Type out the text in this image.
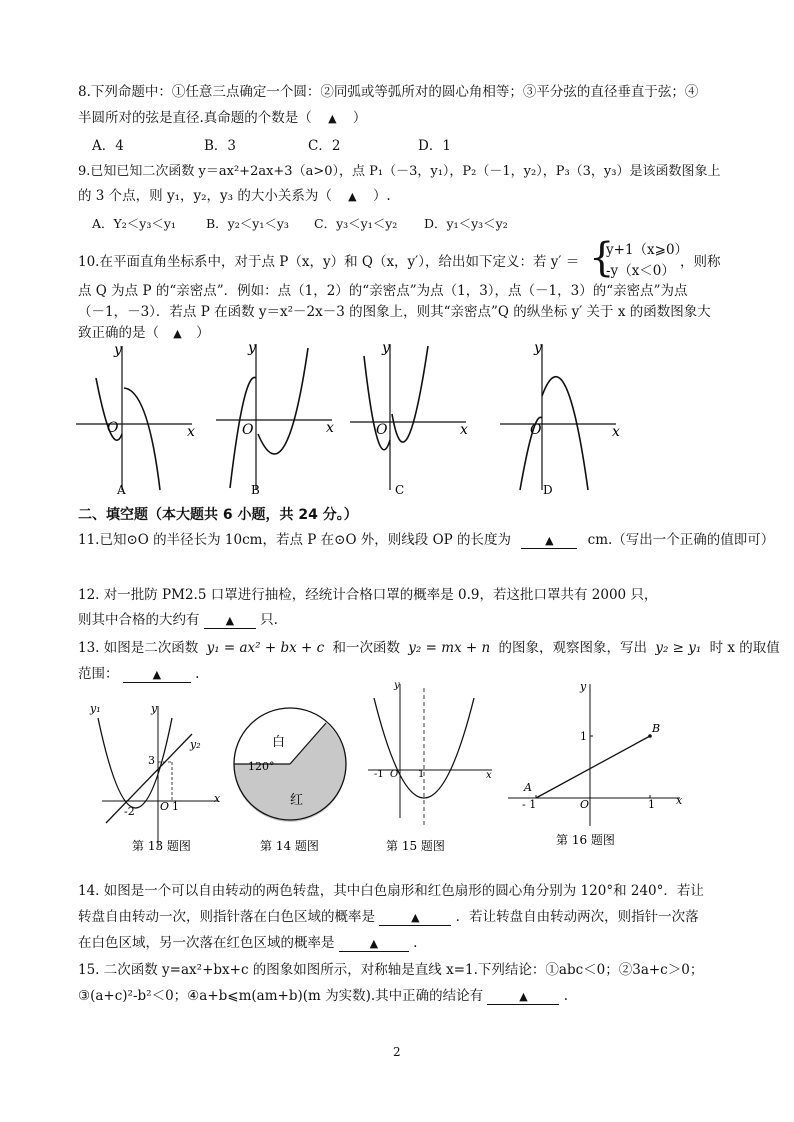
8.下列命题中：①任意三点确定一个圆：②同弧或等弧所对的圆心角相等；③平分弦的直径垂直于弦；④
半圆所对的弦是直径.真命题的个数是（ ▲ ）
A．4	B．3	C．2	D．1
9.已知已知二次函数 y＝ax²+2ax+3（a>0），点 P₁（－3，y₁），P₂（－1，y₂），P₃（3，y₃）是该函数图象上
的 3 个点，则 y₁，y₂，y₃ 的大小关系为（ ▲ ）.
A．Y₂＜y₃＜y₁ B．y₂＜y₁＜y₃ C．y₃＜y₁＜y₂ D．y₁＜y₃＜y₂
10.在平面直角坐标系中，对于点 P（x，y）和 Q（x，y′），给出如下定义：若 y′ ＝ {
y+1（x⩾0）
-y（x＜0）
，则称
点 Q 为点 P 的“亲密点”．例如：点（1，2）的“亲密点”为点（1，3），点（－1，3）的“亲密点”为点
（－1，－3）．若点 P 在函数 y＝x²－2x－3 的图象上，则其“亲密点”Q 的纵坐标 y′ 关于 x 的函数图象大
致正确的是（ ▲ ）
y
x
O
A
y
x
O
B
y
x
O
C
y
x
O
D
二、填空题（本大题共 6 小题，共 24 分。）
11.已知⊙O 的半径长为 10cm，若点 P 在⊙O 外，则线段 OP 的长度为	▲	cm.（写出一个正确的值即可）
12. 对一批防 PM2.5 口罩进行抽检，经统计合格口罩的概率是 0.9，若这批口罩共有 2000 只，
则其中合格的大约有 ▲ 只.
13. 如图是二次函数 y₁ = ax² + bx + c 和一次函数 y₂ = mx + n 的图象，观察图象，写出 y₂ ≥ y₁ 时 x 的取值
范围：	▲	.
y₁	y
y₂
x
3
-2 O 1
第 13 题图
白
120°
红
第 14 题图
y
x
-1 O 1
第 15 题图
y
x
1
- 1	O	1
A
B
第 16 题图
14. 如图是一个可以自由转动的两色转盘，其中白色扇形和红色扇形的圆心角分别为 120°和 240°．若让
转盘自由转动一次，则指针落在白色区域的概率是	▲	．若让转盘自由转动两次，则指针一次落
在白色区域，另一次落在红色区域的概率是	▲	.
15. 二次函数 y=ax²+bx+c 的图象如图所示，对称轴是直线 x=1.下列结论：①abc＜0；②3a+c＞0；
③(a+c)²-b²＜0；④a+b⩽m(am+b)(m 为实数).其中正确的结论有	▲	.
2
